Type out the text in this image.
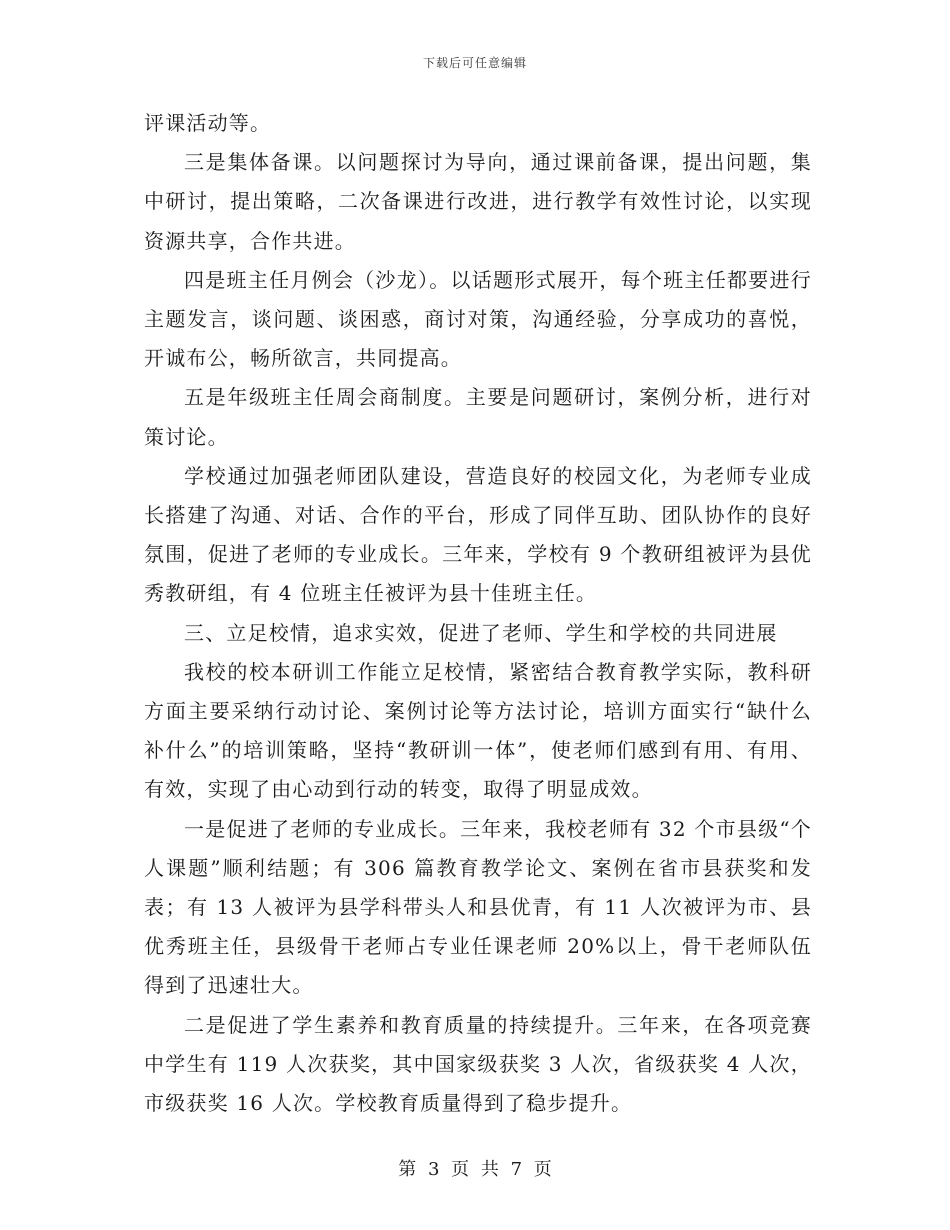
下载后可任意编辑

评课活动等。

三是集体备课。以问题探讨为导向，通过课前备课，提出问题，集中研讨，提出策略，二次备课进行改进，进行教学有效性讨论，以实现资源共享，合作共进。

四是班主任月例会（沙龙）。以话题形式展开，每个班主任都要进行主题发言，谈问题、谈困惑，商讨对策，沟通经验，分享成功的喜悦，开诚布公，畅所欲言，共同提高。

五是年级班主任周会商制度。主要是问题研讨，案例分析，进行对策讨论。

学校通过加强老师团队建设，营造良好的校园文化，为老师专业成长搭建了沟通、对话、合作的平台，形成了同伴互助、团队协作的良好氛围，促进了老师的专业成长。三年来，学校有 9 个教研组被评为县优秀教研组，有 4 位班主任被评为县十佳班主任。

三、立足校情，追求实效，促进了老师、学生和学校的共同进展

我校的校本研训工作能立足校情，紧密结合教育教学实际，教科研方面主要采纳行动讨论、案例讨论等方法讨论，培训方面实行“缺什么补什么”的培训策略，坚持“教研训一体”，使老师们感到有用、有用、有效，实现了由心动到行动的转变，取得了明显成效。

一是促进了老师的专业成长。三年来，我校老师有 32 个市县级“个人课题”顺利结题；有 306 篇教育教学论文、案例在省市县获奖和发表；有 13 人被评为县学科带头人和县优青，有 11 人次被评为市、县优秀班主任，县级骨干老师占专业任课老师 20%以上，骨干老师队伍得到了迅速壮大。

二是促进了学生素养和教育质量的持续提升。三年来，在各项竞赛中学生有 119 人次获奖，其中国家级获奖 3 人次，省级获奖 4 人次，市级获奖 16 人次。学校教育质量得到了稳步提升。

第 3 页 共 7 页
